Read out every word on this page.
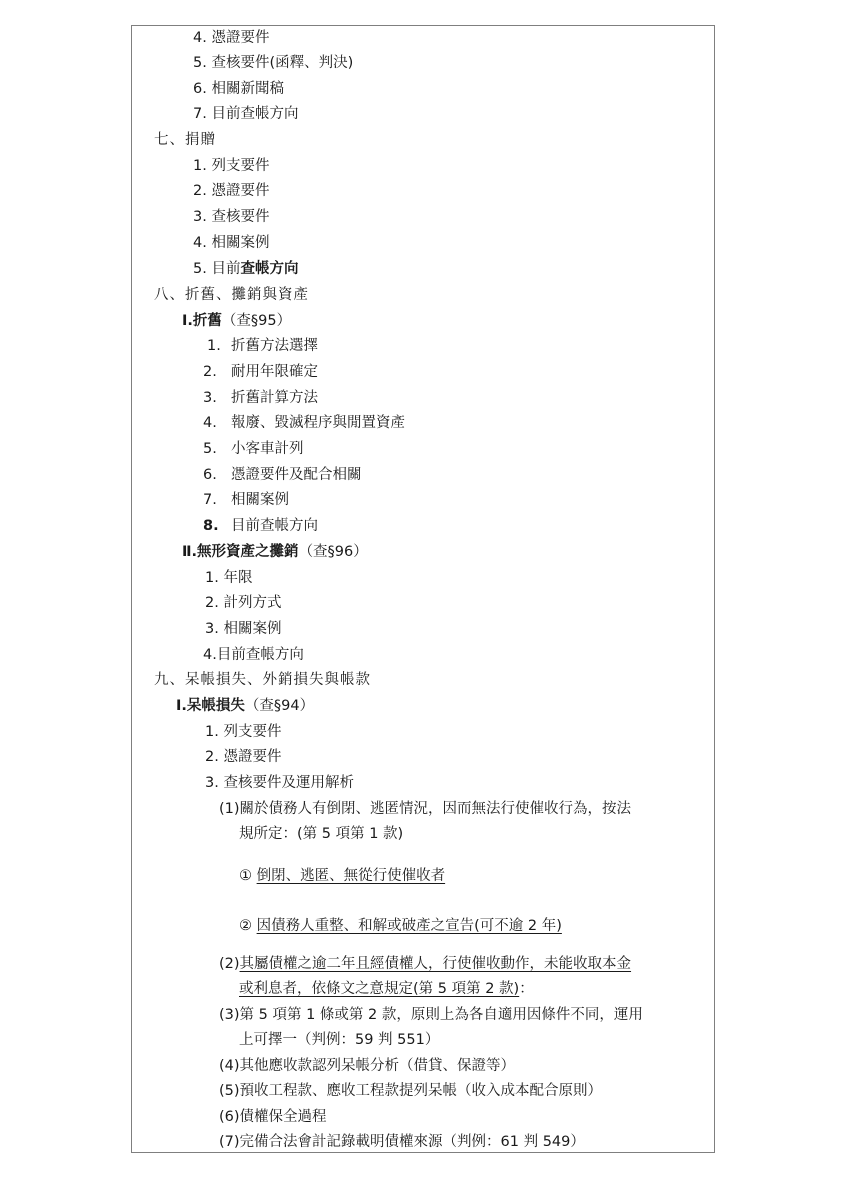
4. 憑證要件
5. 查核要件(函釋、判決)
6. 相關新聞稿
7. 目前查帳方向
七、捐贈
1. 列支要件
2. 憑證要件
3. 查核要件
4. 相關案例
5. 目前查帳方向
八、折舊、攤銷與資產
Ⅰ.折舊（查§95）
1. 折舊方法選擇
2. 耐用年限確定
3. 折舊計算方法
4. 報廢、毀滅程序與閒置資產
5. 小客車計列
6. 憑證要件及配合相關
7. 相關案例
8. 目前查帳方向
Ⅱ.無形資產之攤銷（查§96）
1. 年限
2. 計列方式
3. 相關案例
4.目前查帳方向
九、呆帳損失、外銷損失與帳款
Ⅰ.呆帳損失（查§94）
1. 列支要件
2. 憑證要件
3. 查核要件及運用解析
(1)關於債務人有倒閉、逃匿情況，因而無法行使催收行為，按法
規所定：(第 5 項第 1 款)
① 倒閉、逃匿、無從行使催收者
② 因債務人重整、和解或破產之宣告(可不逾 2 年)
(2)其屬債權之逾二年且經債權人，行使催收動作，未能收取本金
或利息者，依條文之意規定(第 5 項第 2 款)：
(3)第 5 項第 1 條或第 2 款，原則上為各自適用因條件不同，運用
上可擇一（判例：59 判 551）
(4)其他應收款認列呆帳分析（借貸、保證等）
(5)預收工程款、應收工程款提列呆帳（收入成本配合原則）
(6)債權保全過程
(7)完備合法會計記錄載明債權來源（判例：61 判 549）
